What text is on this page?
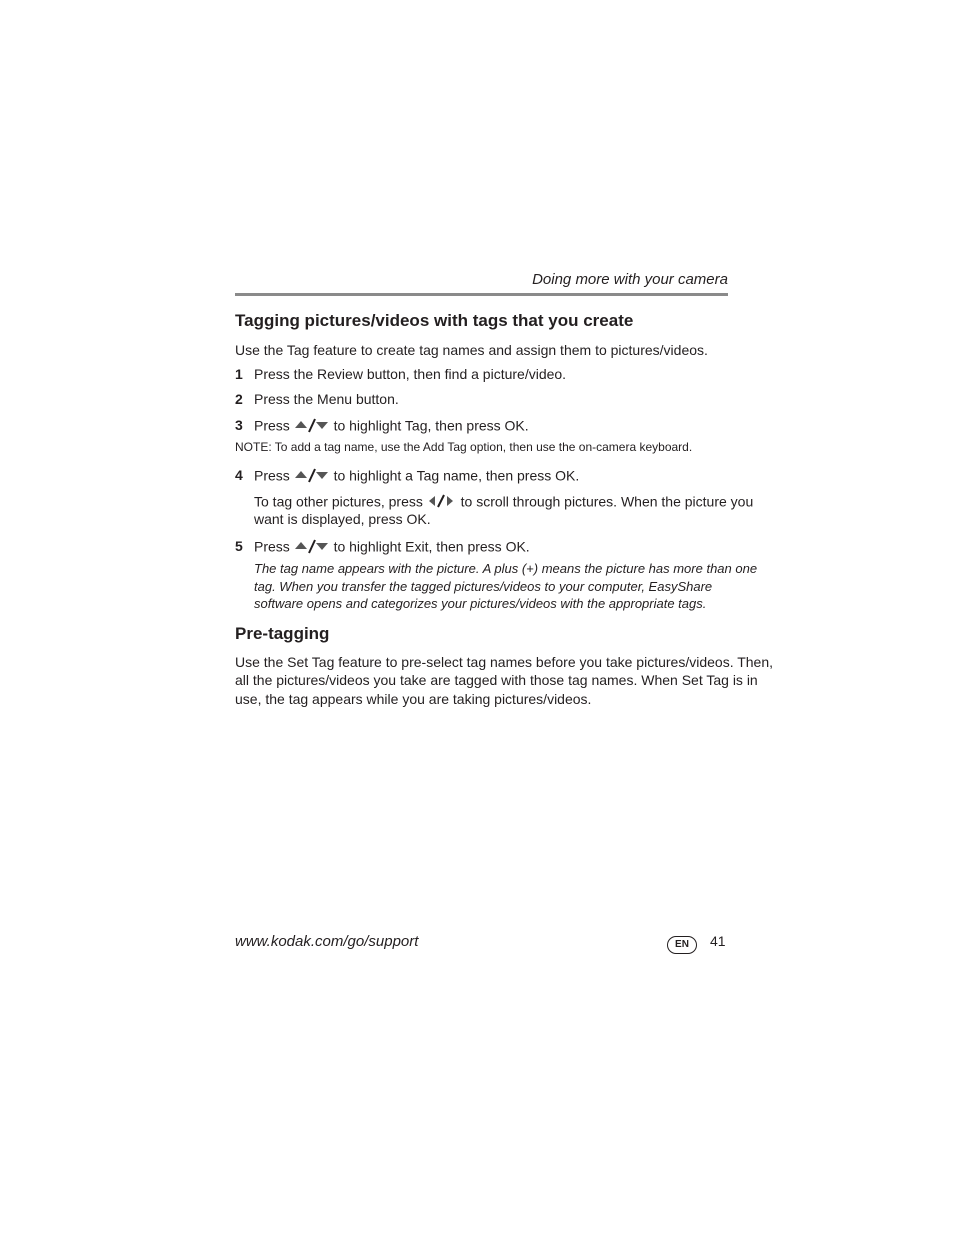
Doing more with your camera
Tagging pictures/videos with tags that you create
Use the Tag feature to create tag names and assign them to pictures/videos.
1 Press the Review button, then find a picture/video.
2 Press the Menu button.
3 Press	to highlight Tag, then press OK.
NOTE: To add a tag name, use the Add Tag option, then use the on-camera keyboard.
4 Press	to highlight a Tag name, then press OK.
To tag other pictures, press	to scroll through pictures. When the picture you
want is displayed, press OK.
5 Press	to highlight Exit, then press OK.
The tag name appears with the picture. A plus (+) means the picture has more than one
tag. When you transfer the tagged pictures/videos to your computer, EasyShare
software opens and categorizes your pictures/videos with the appropriate tags.
Pre-tagging
Use the Set Tag feature to pre-select tag names before you take pictures/videos. Then,
all the pictures/videos you take are tagged with those tag names. When Set Tag is in
use, the tag appears while you are taking pictures/videos.
www.kodak.com/go/support	EN	41
